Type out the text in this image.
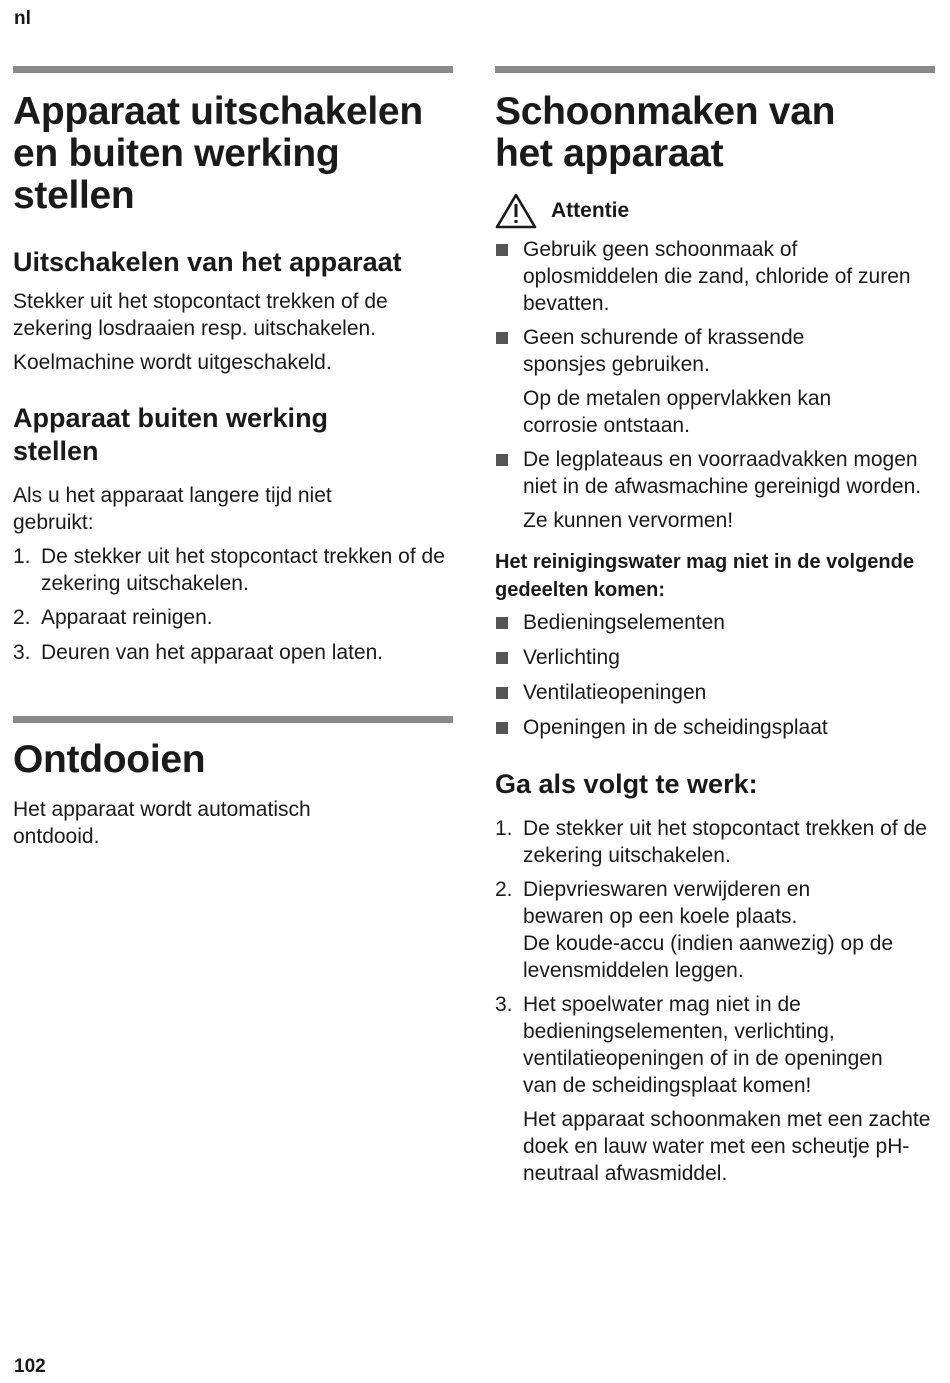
nl
Apparaat uitschakelen en buiten werking stellen
Uitschakelen van het apparaat

Stekker uit het stopcontact trekken of de zekering losdraaien resp. uitschakelen.

Koelmachine wordt uitgeschakeld.

Apparaat buiten werking stellen

Als u het apparaat langere tijd niet gebruikt:

1. De stekker uit het stopcontact trekken of de zekering uitschakelen.
2. Apparaat reinigen.
3. Deuren van het apparaat open laten.
Ontdooien

Het apparaat wordt automatisch ontdooid.

Schoonmaken van het apparaat
Attentie
Gebruik geen schoonmaak of oplosmiddelen die zand, chloride of zuren bevatten.
Geen schurende of krassende sponsjes gebruiken.

Op de metalen oppervlakken kan corrosie ontstaan.

De legplateaus en voorraadvakken mogen niet in de afwasmachine gereinigd worden.

Ze kunnen vervormen!

Het reinigingswater mag niet in de volgende gedeelten komen:
Bedieningselementen
Verlichting
Ventilatieopeningen
Openingen in de scheidingsplaat
Ga als volgt te werk:
1. De stekker uit het stopcontact trekken of de zekering uitschakelen.
2. Diepvrieswaren verwijderen en bewaren op een koele plaats.
De koude-accu (indien aanwezig) op de levensmiddelen leggen.
3. Het spoelwater mag niet in de bedieningselementen, verlichting, ventilatieopeningen of in de openingen van de scheidingsplaat komen!

Het apparaat schoonmaken met een zachte doek en lauw water met een scheutje pH-neutraal afwasmiddel.

102
